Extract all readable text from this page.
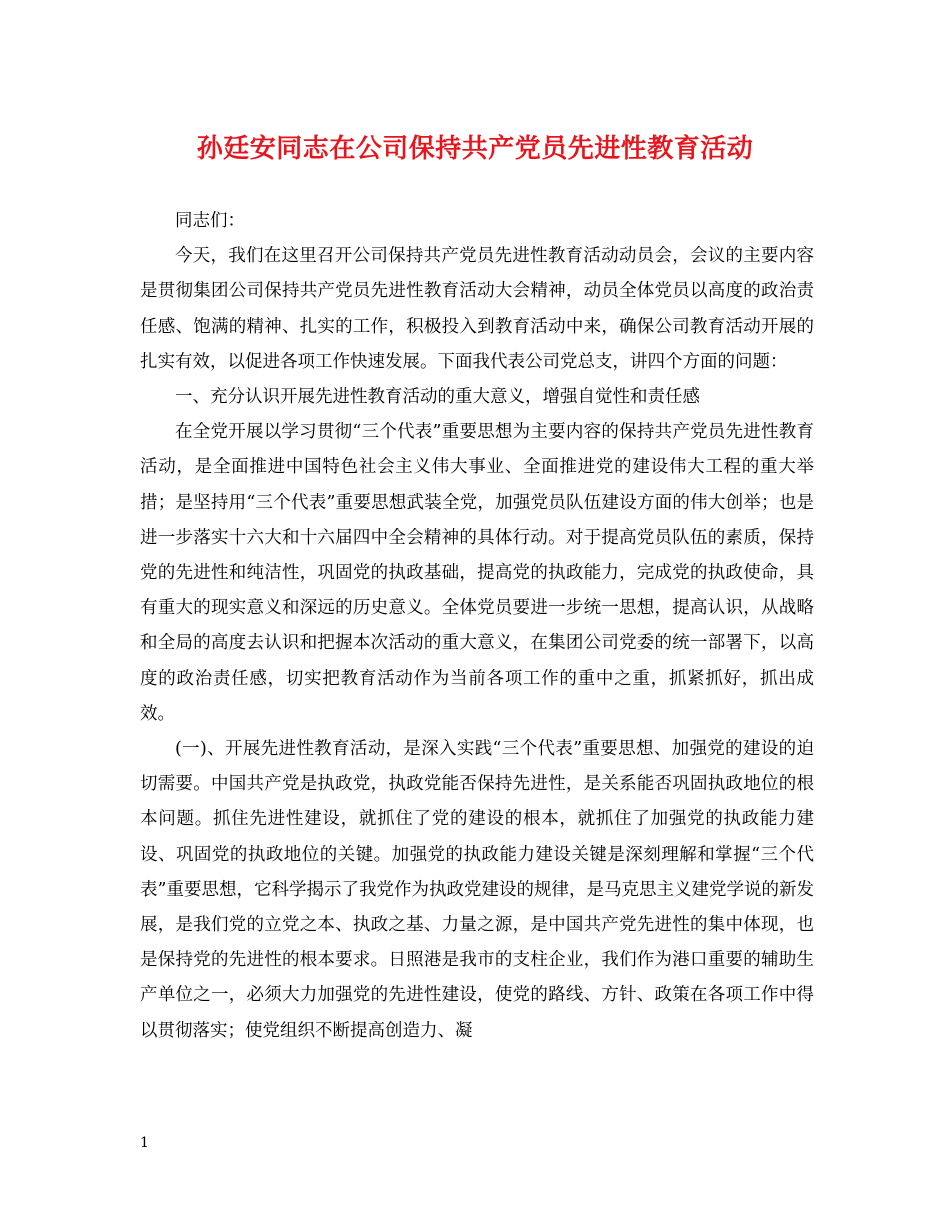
孙廷安同志在公司保持共产党员先进性教育活动

同志们：

今天，我们在这里召开公司保持共产党员先进性教育活动动员会，会议的主要内容是贯彻集团公司保持共产党员先进性教育活动大会精神，动员全体党员以高度的政治责任感、饱满的精神、扎实的工作，积极投入到教育活动中来，确保公司教育活动开展的扎实有效，以促进各项工作快速发展。下面我代表公司党总支，讲四个方面的问题：

一、充分认识开展先进性教育活动的重大意义，增强自觉性和责任感

在全党开展以学习贯彻“三个代表”重要思想为主要内容的保持共产党员先进性教育活动，是全面推进中国特色社会主义伟大事业、全面推进党的建设伟大工程的重大举措；是坚持用“三个代表”重要思想武装全党，加强党员队伍建设方面的伟大创举；也是进一步落实十六大和十六届四中全会精神的具体行动。对于提高党员队伍的素质，保持党的先进性和纯洁性，巩固党的执政基础，提高党的执政能力，完成党的执政使命，具有重大的现实意义和深远的历史意义。全体党员要进一步统一思想，提高认识，从战略和全局的高度去认识和把握本次活动的重大意义，在集团公司党委的统一部署下，以高度的政治责任感，切实把教育活动作为当前各项工作的重中之重，抓紧抓好，抓出成效。

(一)、开展先进性教育活动，是深入实践“三个代表”重要思想、加强党的建设的迫切需要。中国共产党是执政党，执政党能否保持先进性，是关系能否巩固执政地位的根本问题。抓住先进性建设，就抓住了党的建设的根本，就抓住了加强党的执政能力建设、巩固党的执政地位的关键。加强党的执政能力建设关键是深刻理解和掌握“三个代表”重要思想，它科学揭示了我党作为执政党建设的规律，是马克思主义建党学说的新发展，是我们党的立党之本、执政之基、力量之源，是中国共产党先进性的集中体现，也是保持党的先进性的根本要求。日照港是我市的支柱企业，我们作为港口重要的辅助生产单位之一，必须大力加强党的先进性建设，使党的路线、方针、政策在各项工作中得以贯彻落实；使党组织不断提高创造力、凝

1
